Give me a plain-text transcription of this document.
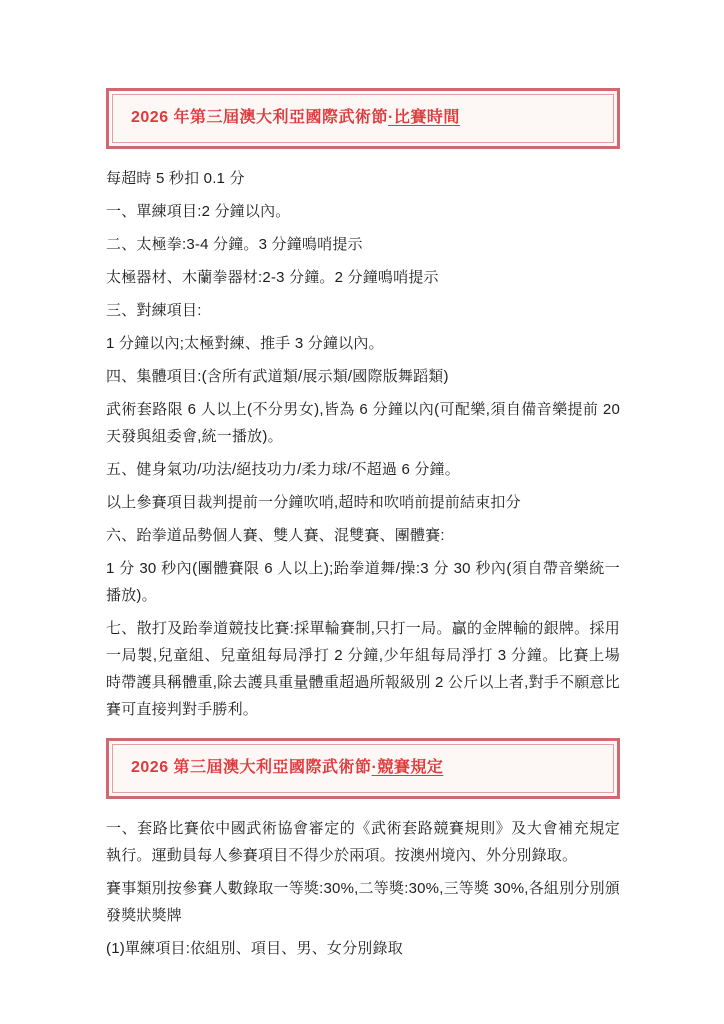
2026 年第三屆澳大利亞國際武術節·比賽時間

每超時 5 秒扣 0.1 分

一、單練項目:2 分鐘以內。

二、太極拳:3-4 分鐘。3 分鐘鳴哨提示

太極器材、木蘭拳器材:2-3 分鐘。2 分鐘鳴哨提示

三、對練項目:

1 分鐘以內;太極對練、推手 3 分鐘以內。

四、集體項目:(含所有武道類/展示類/國際版舞蹈類)

武術套路限 6 人以上(不分男女),皆為 6 分鐘以內(可配樂,須自備音樂提前 20 天發與組委會,統一播放)。

五、健身氣功/功法/絕技功力/柔力球/不超過 6 分鐘。

以上參賽項目裁判提前一分鐘吹哨,超時和吹哨前提前結束扣分

六、跆拳道品勢個人賽、雙人賽、混雙賽、團體賽:

1 分 30 秒內(團體賽限 6 人以上);跆拳道舞/操:3 分 30 秒內(須自帶音樂統一播放)。

七、散打及跆拳道競技比賽:採單輪賽制,只打一局。贏的金牌輸的銀牌。採用一局製,兒童組、兒童組每局淨打 2 分鐘,少年組每局淨打 3 分鐘。比賽上場時帶護具稱體重,除去護具重量體重超過所報級別 2 公斤以上者,對手不願意比賽可直接判對手勝利。

2026 第三屆澳大利亞國際武術節·競賽規定

一、套路比賽依中國武術協會審定的《武術套路競賽規則》及大會補充規定執行。運動員每人參賽項目不得少於兩項。按澳州境內、外分別錄取。

賽事類別按參賽人數錄取一等獎:30%,二等獎:30%,三等獎 30%,各組別分別頒發獎狀獎牌

(1)單練項目:依組別、項目、男、女分別錄取
